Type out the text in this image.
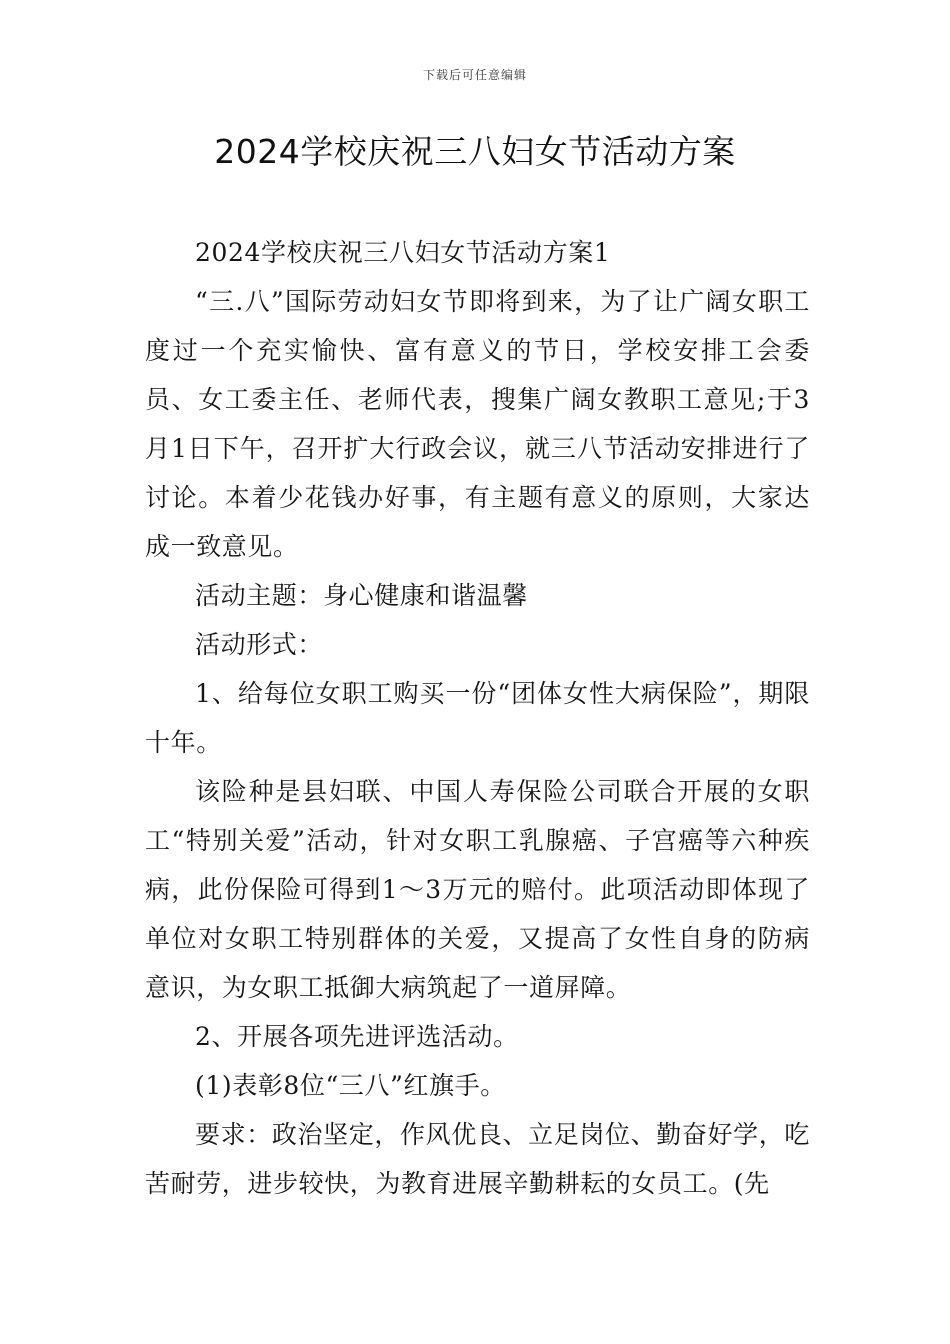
下载后可任意编辑
2024学校庆祝三八妇女节活动方案

2024学校庆祝三八妇女节活动方案1

“三.八”国际劳动妇女节即将到来，为了让广阔女职工度过一个充实愉快、富有意义的节日，学校安排工会委员、女工委主任、老师代表，搜集广阔女教职工意见;于3月1日下午，召开扩大行政会议，就三八节活动安排进行了讨论。本着少花钱办好事，有主题有意义的原则，大家达成一致意见。

活动主题：身心健康和谐温馨

活动形式：

1、给每位女职工购买一份“团体女性大病保险”，期限十年。

该险种是县妇联、中国人寿保险公司联合开展的女职工“特别关爱”活动，针对女职工乳腺癌、子宫癌等六种疾病，此份保险可得到1～3万元的赔付。此项活动即体现了单位对女职工特别群体的关爱，又提高了女性自身的防病意识，为女职工抵御大病筑起了一道屏障。

2、开展各项先进评选活动。

(1)表彰8位“三八”红旗手。

要求：政治坚定，作风优良、立足岗位、勤奋好学，吃苦耐劳，进步较快，为教育进展辛勤耕耘的女员工。(先
